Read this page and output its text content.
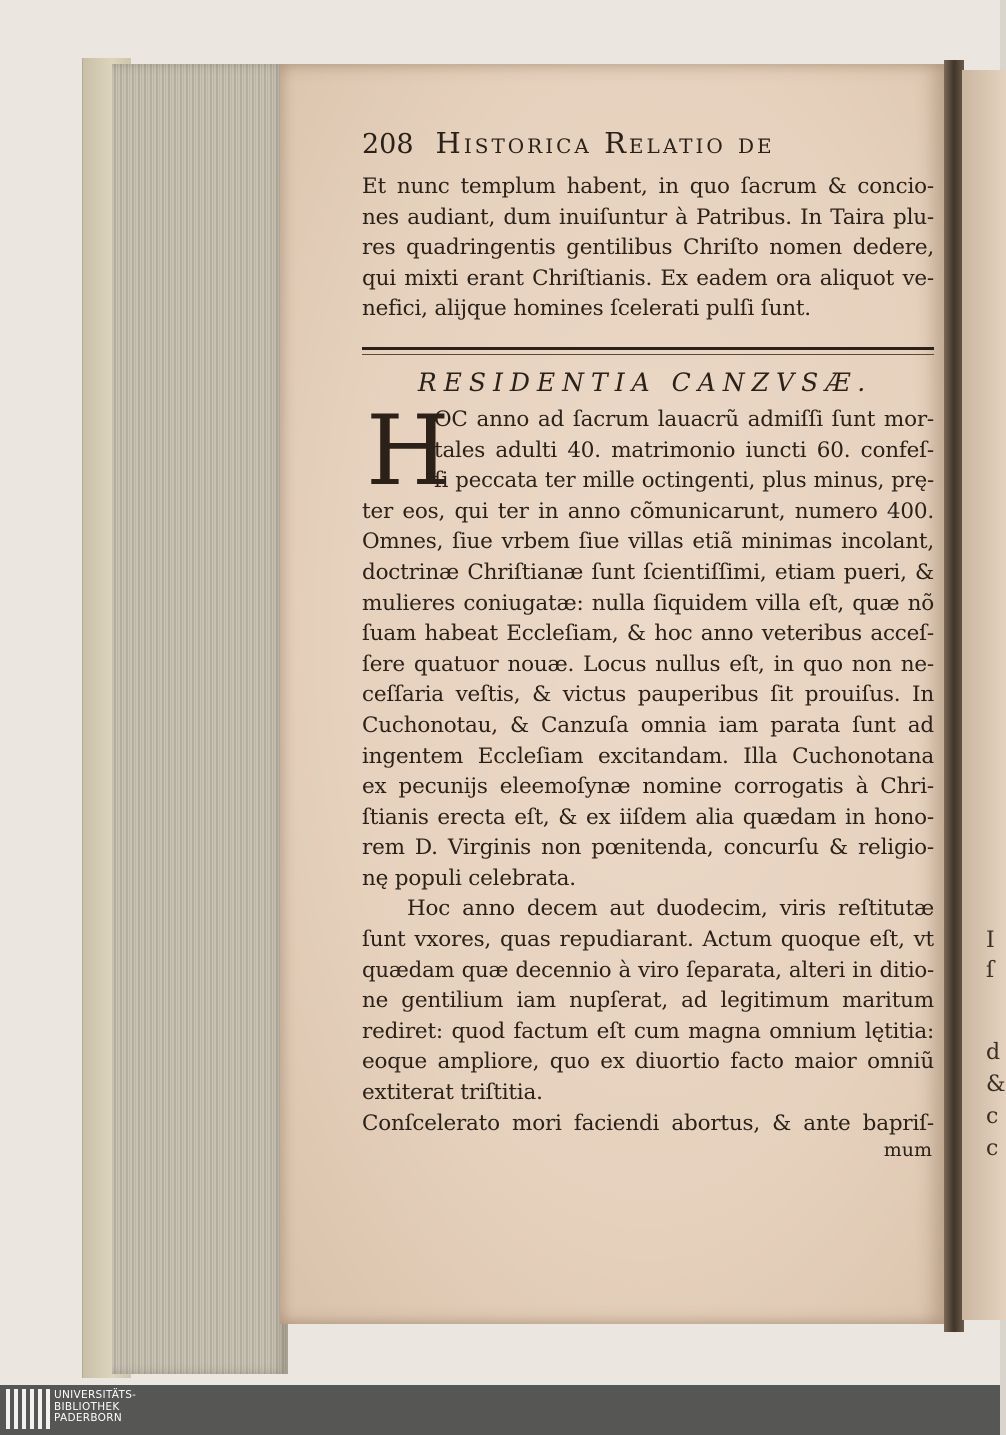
I
ſ
d
&
c
c
208 Historica Relatio de
Et nunc templum habent, in quo ſacrum & concio-
nes audiant, dum inuiſuntur à Patribus. In Taira plu-
res quadringentis gentilibus Chriſto nomen dedere,
qui mixti erant Chriſtianis. Ex eadem ora aliquot ve-
nefici, alijque homines ſcelerati pulſi ſunt.
RESIDENTIA CANZVSÆ.
H
OC anno ad ſacrum lauacrũ admiſſi ſunt mor-
tales adulti 40. matrimonio iuncti 60. confeſ-
ſi peccata ter mille octingenti, plus minus, prę-
ter eos, qui ter in anno cõmunicarunt, numero 400.
Omnes, ſiue vrbem ſiue villas etiã minimas incolant,
doctrinæ Chriſtianæ ſunt ſcientiſſimi, etiam pueri, &
mulieres coniugatæ: nulla ſiquidem villa eſt, quæ nõ
ſuam habeat Eccleſiam, & hoc anno veteribus acceſ-
ſere quatuor nouæ. Locus nullus eſt, in quo non ne-
ceſſaria veſtis, & victus pauperibus ſit prouiſus. In
Cuchonotau, & Canzuſa omnia iam parata ſunt ad
ingentem Eccleſiam excitandam. Illa Cuchonotana
ex pecunijs eleemoſynæ nomine corrogatis à Chri-
ſtianis erecta eſt, & ex iiſdem alia quædam in hono-
rem D. Virginis non pœnitenda, concurſu & religio-
nę populi celebrata.
Hoc anno decem aut duodecim, viris reſtitutæ
ſunt vxores, quas repudiarant. Actum quoque eſt, vt
quædam quæ decennio à viro ſeparata, alteri in ditio-
ne gentilium iam nupſerat, ad legitimum maritum
rediret: quod factum eſt cum magna omnium lętitia:
eoque ampliore, quo ex diuortio facto maior omniũ
extiterat triſtitia.
Conſcelerato mori faciendi abortus, & ante bapriſ-
mum
UNIVERSITÄTS-
BIBLIOTHEK
PADERBORN
